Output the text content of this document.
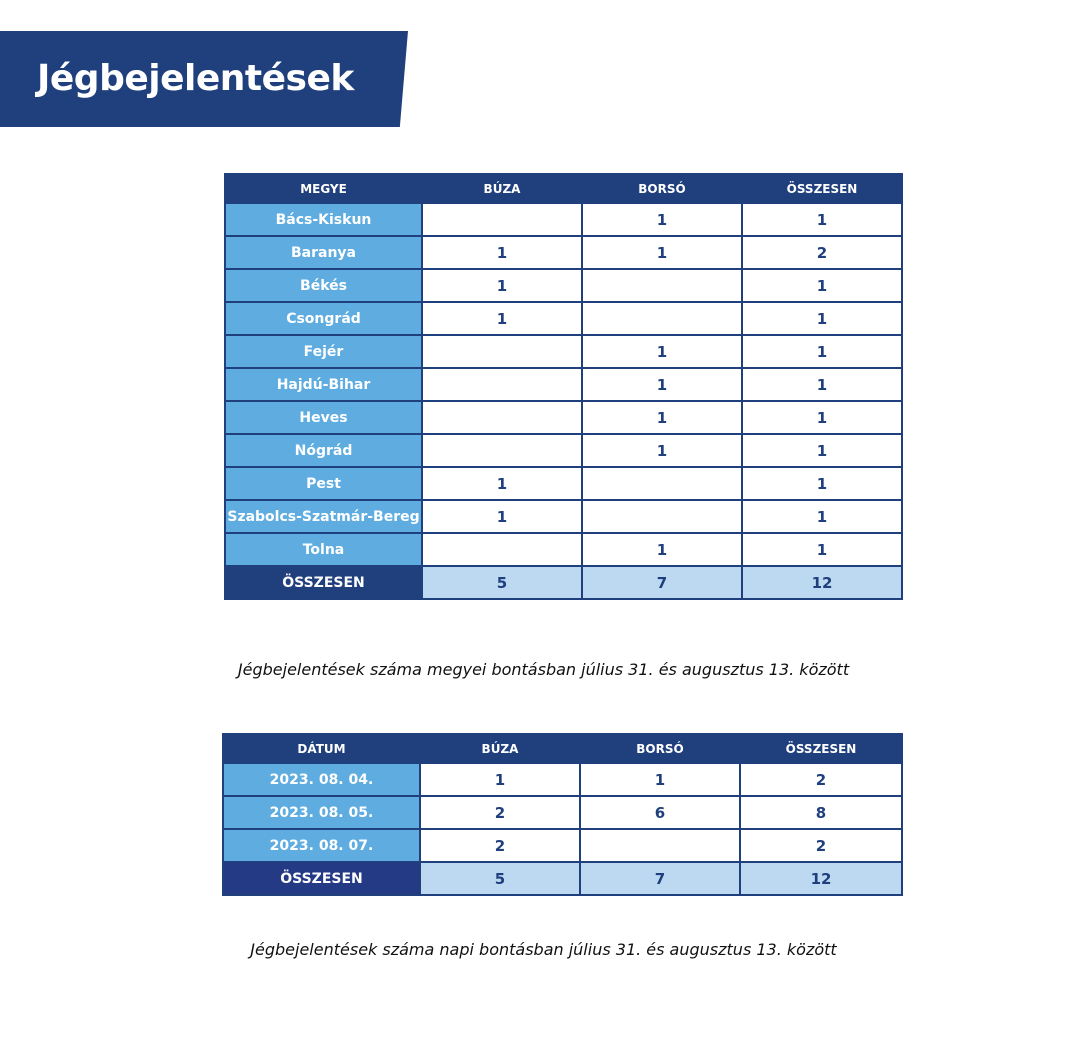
Jégbejelentések
MEGYE	BÚZA	BORSÓ	ÖSSZESEN
Bács-Kiskun		1	1
Baranya	1	1	2
Békés	1		1
Csongrád	1		1
Fejér		1	1
Hajdú-Bihar		1	1
Heves		1	1
Nógrád		1	1
Pest	1		1
Szabolcs-Szatmár-Bereg	1		1
Tolna		1	1
ÖSSZESEN	5	7	12
Jégbejelentések száma megyei bontásban július 31. és augusztus 13. között
DÁTUM	BÚZA	BORSÓ	ÖSSZESEN
2023. 08. 04.	1	1	2
2023. 08. 05.	2	6	8
2023. 08. 07.	2		2
ÖSSZESEN	5	7	12
Jégbejelentések száma napi bontásban július 31. és augusztus 13. között
